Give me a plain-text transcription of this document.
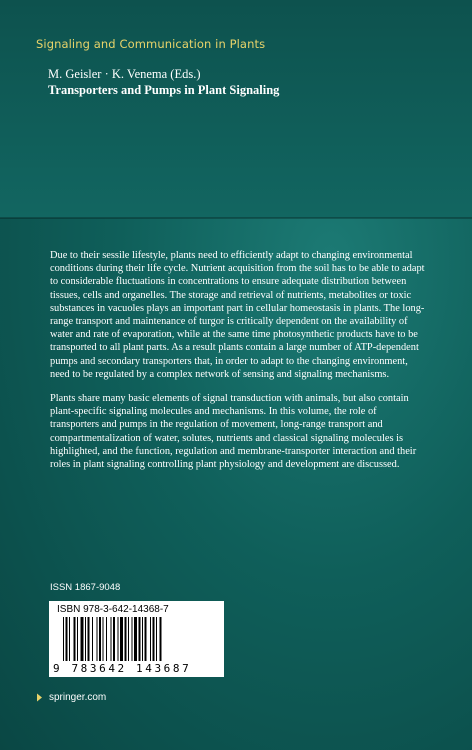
Signaling and Communication in Plants
M. Geisler · K. Venema (Eds.)
Transporters and Pumps in Plant Signaling

Due to their sessile lifestyle, plants need to efficiently adapt to changing environmental conditions during their life cycle. Nutrient acquisition from the soil has to be able to adapt to considerable fluctuations in concentrations to ensure adequate distribution between tissues, cells and organelles. The storage and retrieval of nutrients, metabolites or toxic substances in vacuoles plays an important part in cellular homeostasis in plants. The long-range transport and maintenance of turgor is critically dependent on the availability of water and rate of evaporation, while at the same time photosynthetic products have to be transported to all plant parts. As a result plants contain a large number of ATP-dependent pumps and secondary transporters that, in order to adapt to the changing environment, need to be regulated by a complex network of sensing and signaling mechanisms.

Plants share many basic elements of signal transduction with animals, but also contain plant-specific signaling molecules and mechanisms. In this volume, the role of transporters and pumps in the regulation of movement, long-range transport and compartmentalization of water, solutes, nutrients and classical signaling molecules is highlighted, and the function, regulation and membrane-transporter interaction and their roles in plant signaling controlling plant physiology and development are discussed.

ISSN 1867-9048
ISBN 978-3-642-14368-7
9 783642 143687
springer.com
